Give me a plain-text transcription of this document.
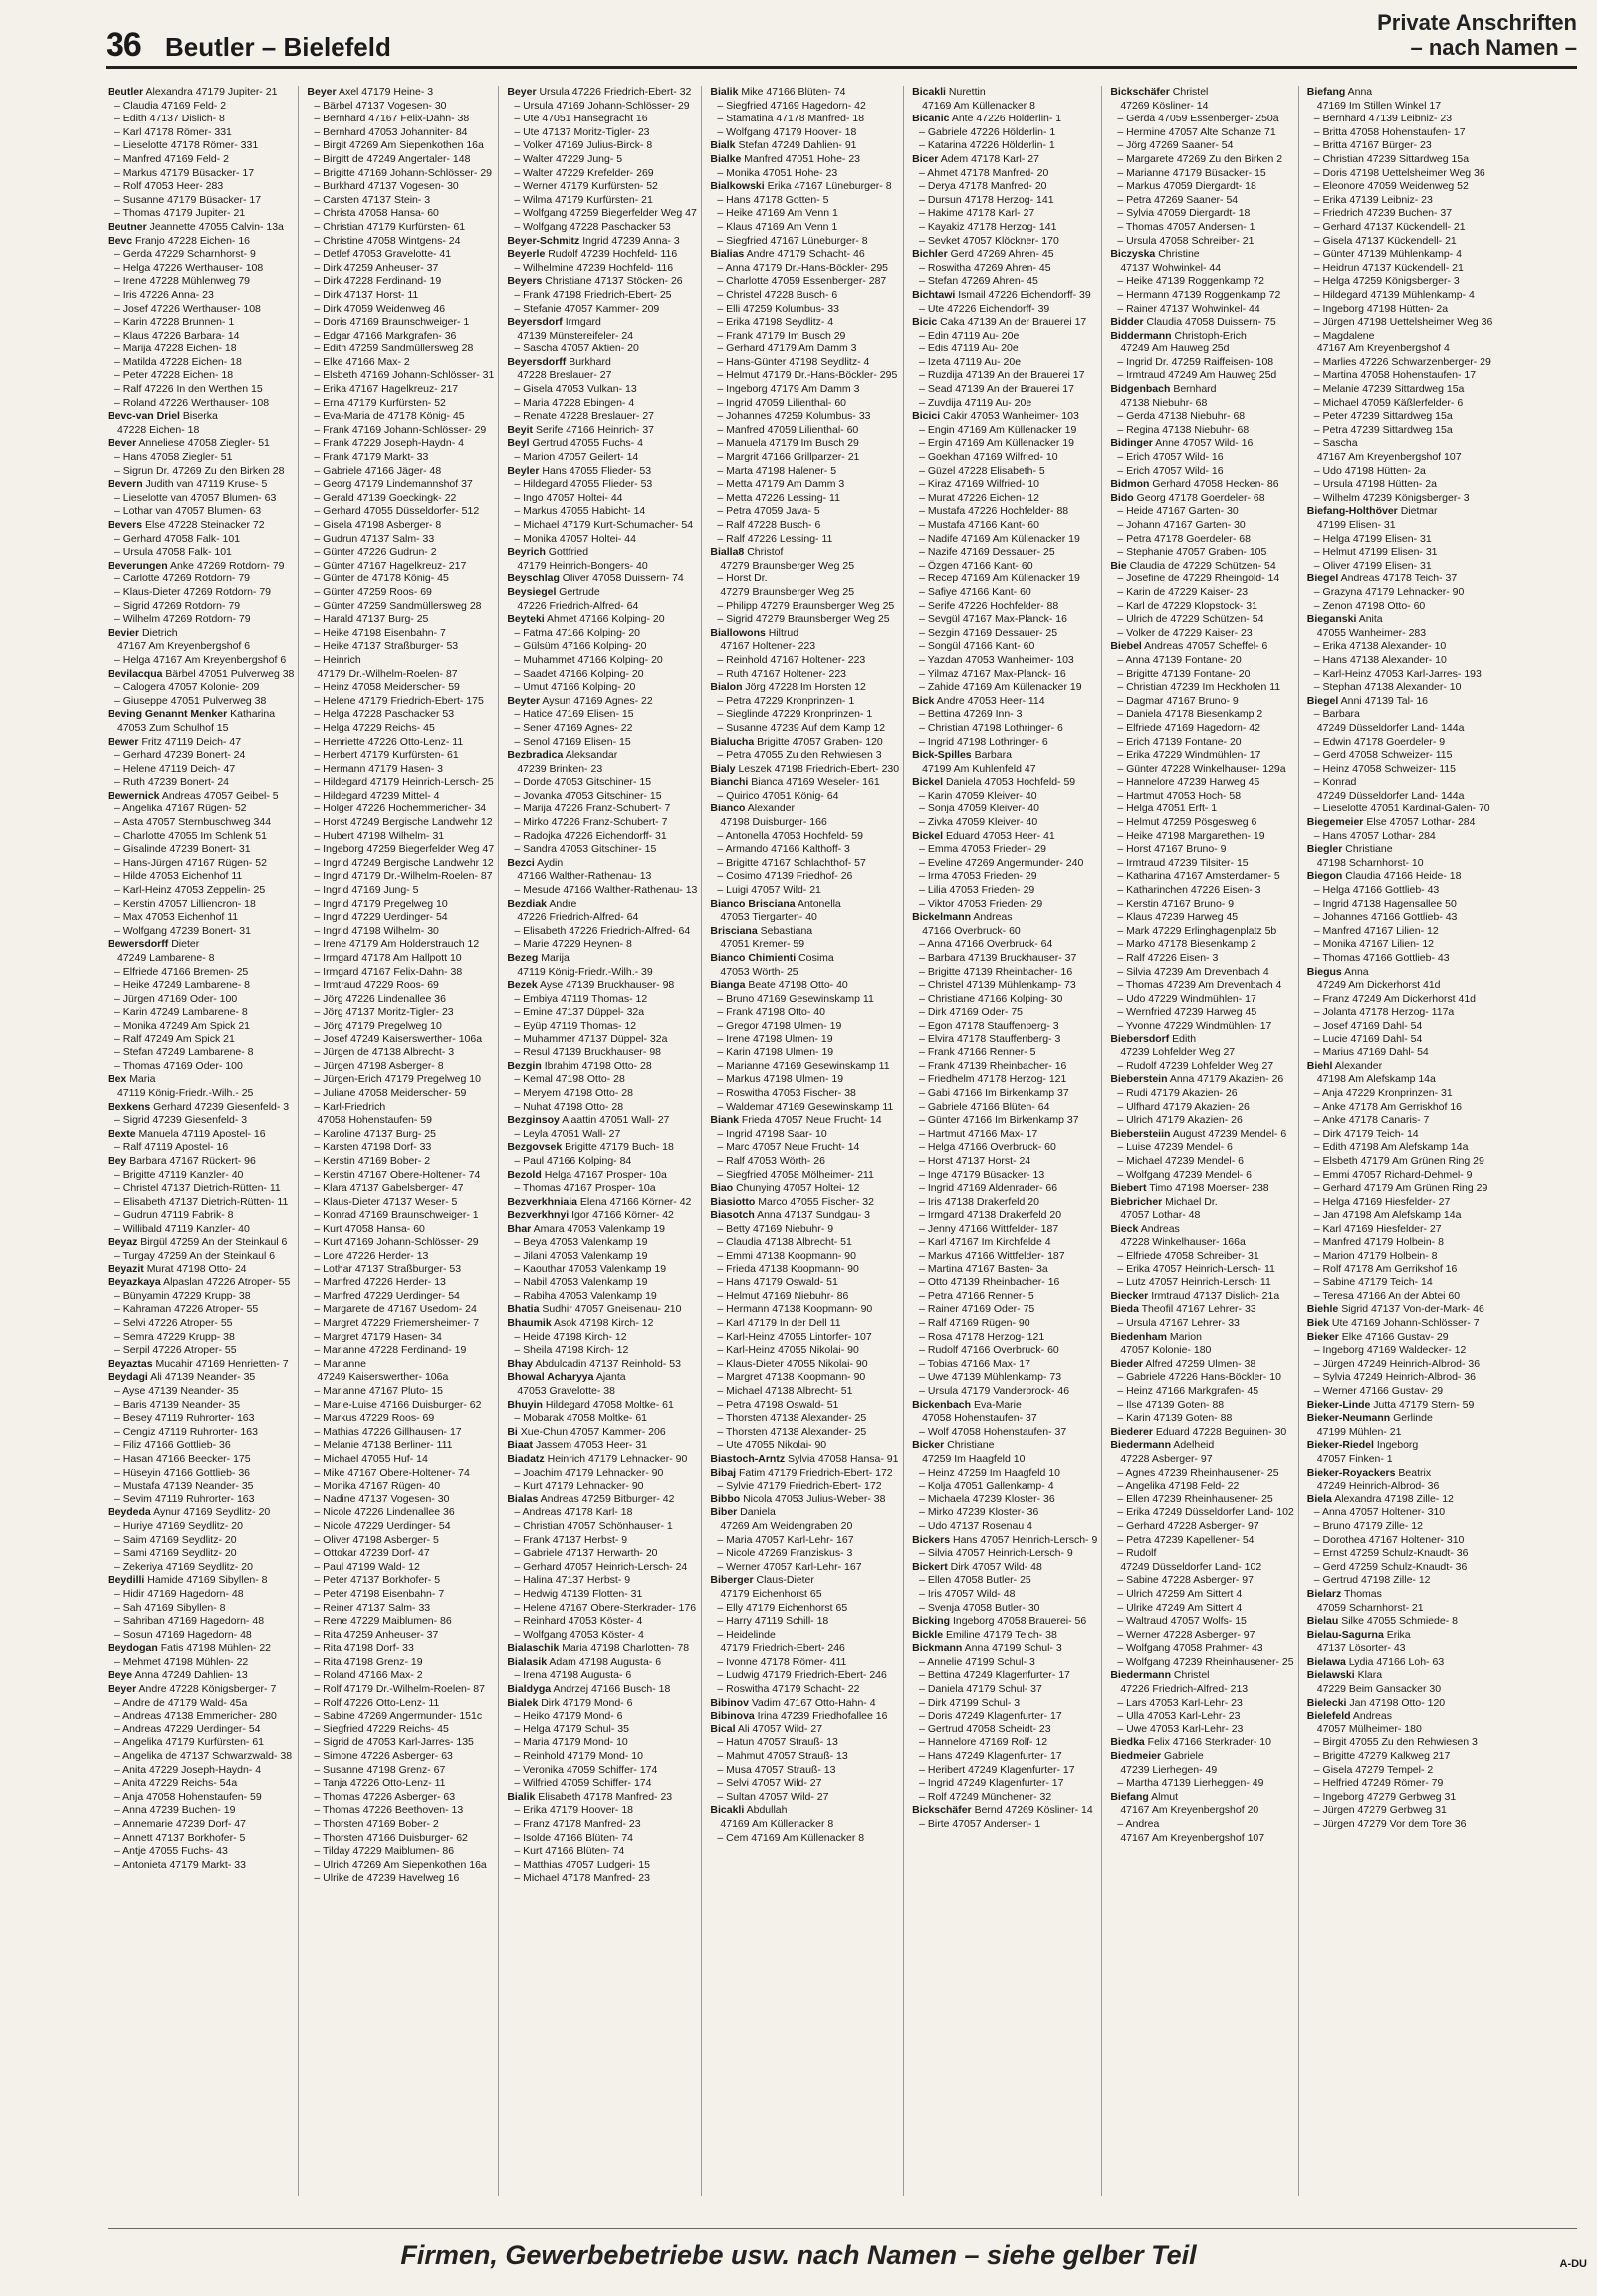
36 Beutler – Bielefeld
Private Anschriften
– nach Namen –
Beutler Alexandra 47179 Jupiter- 21
– Claudia 47169 Feld- 2
– Edith 47137 Dislich- 8
– Karl 47178 Römer- 331
– Lieselotte 47178 Römer- 331
– Manfred 47169 Feld- 2
– Markus 47179 Büsacker- 17
– Rolf 47053 Heer- 283
– Susanne 47179 Büsacker- 17
– Thomas 47179 Jupiter- 21
Beutner Jeannette 47055 Calvin- 13a
Bevc Franjo 47228 Eichen- 16
– Gerda 47229 Scharnhorst- 9
– Helga 47226 Werthauser- 108
– Irene 47228 Mühlenweg 79
– Iris 47226 Anna- 23
– Josef 47226 Werthauser- 108
– Karin 47228 Brunnen- 1
– Klaus 47226 Barbara- 14
– Marija 47228 Eichen- 18
– Matilda 47228 Eichen- 18
– Peter 47228 Eichen- 18
– Ralf 47226 In den Werthen 15
– Roland 47226 Werthauser- 108
Bevc-van Driel Biserka
47228 Eichen- 18
Bever Anneliese 47058 Ziegler- 51
– Hans 47058 Ziegler- 51
– Sigrun Dr. 47269 Zu den Birken 28
Bevern Judith van 47119 Kruse- 5
– Lieselotte van 47057 Blumen- 63
– Lothar van 47057 Blumen- 63
Bevers Else 47228 Steinacker 72
– Gerhard 47058 Falk- 101
– Ursula 47058 Falk- 101
Beverungen Anke 47269 Rotdorn- 79
– Carlotte 47269 Rotdorn- 79
– Klaus-Dieter 47269 Rotdorn- 79
– Sigrid 47269 Rotdorn- 79
– Wilhelm 47269 Rotdorn- 79
Bevier Dietrich
47167 Am Kreyenbergshof 6
– Helga 47167 Am Kreyenbergshof 6
Bevilacqua Bärbel 47051 Pulverweg 38
– Calogera 47057 Kolonie- 209
– Giuseppe 47051 Pulverweg 38
Beving Genannt Menker Katharina
47053 Zum Schulhof 15
Bewer Fritz 47119 Deich- 47
– Gerhard 47239 Bonert- 24
– Helene 47119 Deich- 47
– Ruth 47239 Bonert- 24
Bewernick Andreas 47057 Geibel- 5
– Angelika 47167 Rügen- 52
– Asta 47057 Sternbuschweg 344
– Charlotte 47055 Im Schlenk 51
– Gisalinde 47239 Bonert- 31
– Hans-Jürgen 47167 Rügen- 52
– Hilde 47053 Eichenhof 11
– Karl-Heinz 47053 Zeppelin- 25
– Kerstin 47057 Lilliencron- 18
– Max 47053 Eichenhof 11
– Wolfgang 47239 Bonert- 31
Bewersdorff Dieter
47249 Lambarene- 8
– Elfriede 47166 Bremen- 25
– Heike 47249 Lambarene- 8
– Jürgen 47169 Oder- 100
– Karin 47249 Lambarene- 8
– Monika 47249 Am Spick 21
– Ralf 47249 Am Spick 21
– Stefan 47249 Lambarene- 8
– Thomas 47169 Oder- 100
Bex Maria
47119 König-Friedr.-Wilh.- 25
Bexkens Gerhard 47239 Giesenfeld- 3
– Sigrid 47239 Giesenfeld- 3
Bexte Manuela 47119 Apostel- 16
– Ralf 47119 Apostel- 16
Bey Barbara 47167 Rückert- 96
– Brigitte 47119 Kanzler- 40
– Christel 47137 Dietrich-Rütten- 11
– Elisabeth 47137 Dietrich-Rütten- 11
– Gudrun 47119 Fabrik- 8
– Willibald 47119 Kanzler- 40
Beyaz Birgül 47259 An der Steinkaul 6
– Turgay 47259 An der Steinkaul 6
Beyazit Murat 47198 Otto- 24
Beyazkaya Alpaslan 47226 Atroper- 55
– Bünyamin 47229 Krupp- 38
– Kahraman 47226 Atroper- 55
– Selvi 47226 Atroper- 55
– Semra 47229 Krupp- 38
– Serpil 47226 Atroper- 55
Beyaztas Mucahir 47169 Henrietten- 7
Beydagi Ali 47139 Neander- 35
– Ayse 47139 Neander- 35
– Baris 47139 Neander- 35
– Besey 47119 Ruhrorter- 163
– Cengiz 47119 Ruhrorter- 163
– Filiz 47166 Gottlieb- 36
– Hasan 47166 Beecker- 175
– Hüseyin 47166 Gottlieb- 36
– Mustafa 47139 Neander- 35
– Sevim 47119 Ruhrorter- 163
Beydeda Aynur 47169 Seydlitz- 20
– Huriye 47169 Seydlitz- 20
– Saim 47169 Seydlitz- 20
– Sami 47169 Seydlitz- 20
– Zekeriya 47169 Seydlitz- 20
Beydilli Hamide 47169 Sibyllen- 8
– Hidir 47169 Hagedorn- 48
– Sah 47169 Sibyllen- 8
– Sahriban 47169 Hagedorn- 48
– Sosun 47169 Hagedorn- 48
Beydogan Fatis 47198 Mühlen- 22
– Mehmet 47198 Mühlen- 22
Beye Anna 47249 Dahlien- 13
Beyer Andre 47228 Königsberger- 7
– Andre de 47179 Wald- 45a
– Andreas 47138 Emmericher- 280
– Andreas 47229 Uerdinger- 54
– Angelika 47179 Kurfürsten- 61
– Angelika de 47137 Schwarzwald- 38
– Anita 47229 Joseph-Haydn- 4
– Anita 47229 Reichs- 54a
– Anja 47058 Hohenstaufen- 59
– Anna 47239 Buchen- 19
– Annemarie 47239 Dorf- 47
– Annett 47137 Borkhofer- 5
– Antje 47055 Fuchs- 43
– Antonieta 47179 Markt- 33
Beyer Axel 47179 Heine- 3
– Bärbel 47137 Vogesen- 30
– Bernhard 47167 Felix-Dahn- 38
– Bernhard 47053 Johanniter- 84
– Birgit 47269 Am Siepenkothen 16a
– Birgitt de 47249 Angertaler- 148
– Brigitte 47169 Johann-Schlösser- 29
– Burkhard 47137 Vogesen- 30
– Carsten 47137 Stein- 3
– Christa 47058 Hansa- 60
– Christian 47179 Kurfürsten- 61
– Christine 47058 Wintgens- 24
– Detlef 47053 Gravelotte- 41
– Dirk 47259 Anheuser- 37
– Dirk 47228 Ferdinand- 19
– Dirk 47137 Horst- 11
– Dirk 47059 Weidenweg 46
– Doris 47169 Braunschweiger- 1
– Edgar 47166 Markgrafen- 36
– Edith 47259 Sandmüllersweg 28
– Elke 47166 Max- 2
– Elsbeth 47169 Johann-Schlösser- 31
– Erika 47167 Hagelkreuz- 217
– Erna 47179 Kurfürsten- 52
– Eva-Maria de 47178 König- 45
– Frank 47169 Johann-Schlösser- 29
– Frank 47229 Joseph-Haydn- 4
– Frank 47179 Markt- 33
– Gabriele 47166 Jäger- 48
– Georg 47179 Lindemannshof 37
– Gerald 47139 Goeckingk- 22
– Gerhard 47055 Düsseldorfer- 512
– Gisela 47198 Asberger- 8
– Gudrun 47137 Salm- 33
– Günter 47226 Gudrun- 2
– Günter 47167 Hagelkreuz- 217
– Günter de 47178 König- 45
– Günter 47259 Roos- 69
– Günter 47259 Sandmüllersweg 28
– Harald 47137 Burg- 25
– Heike 47198 Eisenbahn- 7
– Heike 47137 Straßburger- 53
– Heinrich
47179 Dr.-Wilhelm-Roelen- 87
– Heinz 47058 Meiderscher- 59
– Helene 47179 Friedrich-Ebert- 175
– Helga 47228 Paschacker 53
– Helga 47229 Reichs- 45
– Henriette 47226 Otto-Lenz- 11
– Herbert 47179 Kurfürsten- 61
– Hermann 47179 Hasen- 3
– Hildegard 47179 Heinrich-Lersch- 25
– Hildegard 47239 Mittel- 4
– Holger 47226 Hochemmericher- 34
– Horst 47249 Bergische Landwehr 12
– Hubert 47198 Wilhelm- 31
– Ingeborg 47259 Biegerfelder Weg 47
– Ingrid 47249 Bergische Landwehr 12
– Ingrid 47179 Dr.-Wilhelm-Roelen- 87
– Ingrid 47169 Jung- 5
– Ingrid 47179 Pregelweg 10
– Ingrid 47229 Uerdinger- 54
– Ingrid 47198 Wilhelm- 30
– Irene 47179 Am Holderstrauch 12
– Irmgard 47178 Am Hallpott 10
– Irmgard 47167 Felix-Dahn- 38
– Irmtraud 47229 Roos- 69
– Jörg 47226 Lindenallee 36
– Jörg 47137 Moritz-Tigler- 23
– Jörg 47179 Pregelweg 10
– Josef 47249 Kaiserswerther- 106a
– Jürgen de 47138 Albrecht- 3
– Jürgen 47198 Asberger- 8
– Jürgen-Erich 47179 Pregelweg 10
– Juliane 47058 Meiderscher- 59
– Karl-Friedrich
47058 Hohenstaufen- 59
– Karoline 47137 Burg- 25
– Karsten 47198 Dorf- 33
– Kerstin 47169 Bober- 2
– Kerstin 47167 Obere-Holtener- 74
– Klara 47137 Gabelsberger- 47
– Klaus-Dieter 47137 Weser- 5
– Konrad 47169 Braunschweiger- 1
– Kurt 47058 Hansa- 60
– Kurt 47169 Johann-Schlösser- 29
– Lore 47226 Herder- 13
– Lothar 47137 Straßburger- 53
– Manfred 47226 Herder- 13
– Manfred 47229 Uerdinger- 54
– Margarete de 47167 Usedom- 24
– Margret 47229 Friemersheimer- 7
– Margret 47179 Hasen- 34
– Marianne 47228 Ferdinand- 19
– Marianne
47249 Kaiserswerther- 106a
– Marianne 47167 Pluto- 15
– Marie-Luise 47166 Duisburger- 62
– Markus 47229 Roos- 69
– Mathias 47226 Gillhausen- 17
– Melanie 47138 Berliner- 111
– Michael 47055 Huf- 14
– Mike 47167 Obere-Holtener- 74
– Monika 47167 Rügen- 40
– Nadine 47137 Vogesen- 30
– Nicole 47226 Lindenallee 36
– Nicole 47229 Uerdinger- 54
– Oliver 47198 Asberger- 5
– Ottokar 47239 Dorf- 47
– Paul 47199 Wald- 12
– Peter 47137 Borkhofer- 5
– Peter 47198 Eisenbahn- 7
– Reiner 47137 Salm- 33
– Rene 47229 Maiblumen- 86
– Rita 47259 Anheuser- 37
– Rita 47198 Dorf- 33
– Rita 47198 Grenz- 19
– Roland 47166 Max- 2
– Rolf 47179 Dr.-Wilhelm-Roelen- 87
– Rolf 47226 Otto-Lenz- 11
– Sabine 47269 Angermunder- 151c
– Siegfried 47229 Reichs- 45
– Sigrid de 47053 Karl-Jarres- 135
– Simone 47226 Asberger- 63
– Susanne 47198 Grenz- 67
– Tanja 47226 Otto-Lenz- 11
– Thomas 47226 Asberger- 63
– Thomas 47226 Beethoven- 13
– Thorsten 47169 Bober- 2
– Thorsten 47166 Duisburger- 62
– Tilday 47229 Maiblumen- 86
– Ulrich 47269 Am Siepenkothen 16a
– Ulrike de 47239 Havelweg 16
Beyer Ursula 47226 Friedrich-Ebert- 32
– Ursula 47169 Johann-Schlösser- 29
– Ute 47051 Hansegracht 16
– Ute 47137 Moritz-Tigler- 23
– Volker 47169 Julius-Birck- 8
– Walter 47229 Jung- 5
– Walter 47229 Krefelder- 269
– Werner 47179 Kurfürsten- 52
– Wilma 47179 Kurfürsten- 21
– Wolfgang 47259 Biegerfelder Weg 47
– Wolfgang 47228 Paschacker 53
Beyer-Schmitz Ingrid 47239 Anna- 3
Beyerle Rudolf 47239 Hochfeld- 116
– Wilhelmine 47239 Hochfeld- 116
Beyers Christiane 47137 Stöcken- 26
– Frank 47198 Friedrich-Ebert- 25
– Stefanie 47057 Kammer- 209
Beyersdorf Irmgard
47139 Münstereifeler- 24
– Sascha 47057 Aktien- 20
Beyersdorff Burkhard
47228 Breslauer- 27
– Gisela 47053 Vulkan- 13
– Maria 47228 Ebingen- 4
– Renate 47228 Breslauer- 27
Beyit Serife 47166 Heinrich- 37
Beyl Gertrud 47055 Fuchs- 4
– Marion 47057 Geilert- 14
Beyler Hans 47055 Flieder- 53
– Hildegard 47055 Flieder- 53
– Ingo 47057 Holtei- 44
– Markus 47055 Habicht- 14
– Michael 47179 Kurt-Schumacher- 54
– Monika 47057 Holtei- 44
Beyrich Gottfried
47179 Heinrich-Bongers- 40
Beyschlag Oliver 47058 Duissern- 74
Beysiegel Gertrude
47226 Friedrich-Alfred- 64
Beyteki Ahmet 47166 Kolping- 20
– Fatma 47166 Kolping- 20
– Gülsüm 47166 Kolping- 20
– Muhammet 47166 Kolping- 20
– Saadet 47166 Kolping- 20
– Umut 47166 Kolping- 20
Beyter Aysun 47169 Agnes- 22
– Hatice 47169 Elisen- 15
– Sener 47169 Agnes- 22
– Senol 47169 Elisen- 15
Bezbradica Aleksandar
47239 Brinken- 23
– Dorde 47053 Gitschiner- 15
– Jovanka 47053 Gitschiner- 15
– Marija 47226 Franz-Schubert- 7
– Mirko 47226 Franz-Schubert- 7
– Radojka 47226 Eichendorff- 31
– Sandra 47053 Gitschiner- 15
Bezci Aydin
47166 Walther-Rathenau- 13
– Mesude 47166 Walther-Rathenau- 13
Bezdiak Andre
47226 Friedrich-Alfred- 64
– Elisabeth 47226 Friedrich-Alfred- 64
– Marie 47229 Heynen- 8
Bezeg Marija
47119 König-Friedr.-Wilh.- 39
Bezek Ayse 47139 Bruckhauser- 98
– Embiya 47119 Thomas- 12
– Emine 47137 Düppel- 32a
– Eyüp 47119 Thomas- 12
– Muhammer 47137 Düppel- 32a
– Resul 47139 Bruckhauser- 98
Bezgin Ibrahim 47198 Otto- 28
– Kemal 47198 Otto- 28
– Meryem 47198 Otto- 28
– Nuhat 47198 Otto- 28
Bezginsoy Alaattin 47051 Wall- 27
– Leyla 47051 Wall- 27
Bezgovsek Brigitte 47179 Buch- 18
– Paul 47166 Kolping- 84
Bezold Helga 47167 Prosper- 10a
– Thomas 47167 Prosper- 10a
Bezverkhniaia Elena 47166 Körner- 42
Bezverkhnyi Igor 47166 Körner- 42
Bhar Amara 47053 Valenkamp 19
– Beya 47053 Valenkamp 19
– Jilani 47053 Valenkamp 19
– Kaouthar 47053 Valenkamp 19
– Nabil 47053 Valenkamp 19
– Rabiha 47053 Valenkamp 19
Bhatia Sudhir 47057 Gneisenau- 210
Bhaumik Asok 47198 Kirch- 12
– Heide 47198 Kirch- 12
– Sheila 47198 Kirch- 12
Bhay Abdulcadin 47137 Reinhold- 53
Bhowal Acharyya Ajanta
47053 Gravelotte- 38
Bhuyin Hildegard 47058 Moltke- 61
– Mobarak 47058 Moltke- 61
Bi Xue-Chun 47057 Kammer- 206
Biaat Jassem 47053 Heer- 31
Biadatz Heinrich 47179 Lehnacker- 90
– Joachim 47179 Lehnacker- 90
– Kurt 47179 Lehnacker- 90
Bialas Andreas 47259 Bitburger- 42
– Andreas 47178 Karl- 18
– Christian 47057 Schönhauser- 1
– Frank 47137 Herbst- 9
– Gabriele 47137 Herwarth- 20
– Gerhard 47057 Heinrich-Lersch- 24
– Halina 47137 Herbst- 9
– Hedwig 47139 Flotten- 31
– Helene 47167 Obere-Sterkrader- 176
– Reinhard 47053 Köster- 4
– Wolfgang 47053 Köster- 4
Bialaschik Maria 47198 Charlotten- 78
Bialasik Adam 47198 Augusta- 6
– Irena 47198 Augusta- 6
Bialdyga Andrzej 47166 Busch- 18
Bialek Dirk 47179 Mond- 6
– Heiko 47179 Mond- 6
– Helga 47179 Schul- 35
– Maria 47179 Mond- 10
– Reinhold 47179 Mond- 10
– Veronika 47059 Schiffer- 174
– Wilfried 47059 Schiffer- 174
Bialik Elisabeth 47178 Manfred- 23
– Erika 47179 Hoover- 18
– Franz 47178 Manfred- 23
– Isolde 47166 Blüten- 74
– Kurt 47166 Blüten- 74
– Matthias 47057 Ludgeri- 15
– Michael 47178 Manfred- 23
Bialik Mike 47166 Blüten- 74
– Siegfried 47169 Hagedorn- 42
– Stamatina 47178 Manfred- 18
– Wolfgang 47179 Hoover- 18
Bialk Stefan 47249 Dahlien- 91
Bialke Manfred 47051 Hohe- 23
– Monika 47051 Hohe- 23
Bialkowski Erika 47167 Lüneburger- 8
– Hans 47178 Gotten- 5
– Heike 47169 Am Venn 1
– Klaus 47169 Am Venn 1
– Siegfried 47167 Lüneburger- 8
Bialias Andre 47179 Schacht- 46
– Anna 47179 Dr.-Hans-Böckler- 295
– Charlotte 47059 Essenberger- 287
– Christel 47228 Busch- 6
– Elli 47259 Kolumbus- 33
– Erika 47198 Seydlitz- 4
– Frank 47179 Im Busch 29
– Gerhard 47179 Am Damm 3
– Hans-Günter 47198 Seydlitz- 4
– Helmut 47179 Dr.-Hans-Böckler- 295
– Ingeborg 47179 Am Damm 3
– Ingrid 47059 Lilienthal- 60
– Johannes 47259 Kolumbus- 33
– Manfred 47059 Lilienthal- 60
– Manuela 47179 Im Busch 29
– Margrit 47166 Grillparzer- 21
– Marta 47198 Halener- 5
– Metta 47179 Am Damm 3
– Mettа 47226 Lessing- 11
– Petra 47059 Java- 5
– Ralf 47228 Busch- 6
– Ralf 47226 Lessing- 11
Bialla8 Christof
47279 Braunsberger Weg 25
– Horst Dr.
47279 Braunsberger Weg 25
– Philipp 47279 Braunsberger Weg 25
– Sigrid 47279 Braunsberger Weg 25
Biallowons Hiltrud
47167 Holtener- 223
– Reinhold 47167 Holtener- 223
– Ruth 47167 Holtener- 223
Bialon Jörg 47228 Im Horsten 12
– Petra 47229 Kronprinzen- 1
– Sieglinde 47229 Kronprinzen- 1
– Susanne 47239 Auf dem Kamp 12
Bialucha Brigitte 47057 Graben- 120
– Petra 47055 Zu den Rehwiesen 3
Bialy Leszek 47198 Friedrich-Ebert- 230
Bianchi Bianca 47169 Weseler- 161
– Quirico 47051 König- 64
Bianco Alexander
47198 Duisburger- 166
– Antonella 47053 Hochfeld- 59
– Armando 47166 Kalthoff- 3
– Brigitte 47167 Schlachthof- 57
– Cosimo 47139 Friedhof- 26
– Luigi 47057 Wild- 21
Bianco Brisciana Antonella
47053 Tiergarten- 40
Brisciana Sebastiana
47051 Kremer- 59
Bianco Chimienti Cosima
47053 Wörth- 25
Bianga Beate 47198 Otto- 40
– Bruno 47169 Gesewinskamp 11
– Frank 47198 Otto- 40
– Gregor 47198 Ulmen- 19
– Irene 47198 Ulmen- 19
– Karin 47198 Ulmen- 19
– Marianne 47169 Gesewinskamp 11
– Markus 47198 Ulmen- 19
– Roswitha 47053 Fischer- 38
– Waldemar 47169 Gesewinskamp 11
Biank Frieda 47057 Neue Frucht- 14
– Ingrid 47198 Saar- 10
– Marc 47057 Neue Frucht- 14
– Ralf 47053 Wörth- 26
– Siegfried 47058 Mölheimer- 211
Biao Chunying 47057 Holtei- 12
Biasiotto Marco 47055 Fischer- 32
Biasotch Anna 47137 Sundgau- 3
– Betty 47169 Niebuhr- 9
– Claudia 47138 Albrecht- 51
– Emmi 47138 Koopmann- 90
– Frieda 47138 Koopmann- 90
– Hans 47179 Oswald- 51
– Helmut 47169 Niebuhr- 86
– Hermann 47138 Koopmann- 90
– Karl 47179 In der Dell 11
– Karl-Heinz 47055 Lintorfer- 107
– Karl-Heinz 47055 Nikolai- 90
– Klaus-Dieter 47055 Nikolai- 90
– Margret 47138 Koopmann- 90
– Michael 47138 Albrecht- 51
– Petra 47198 Oswald- 51
– Thorsten 47138 Alexander- 25
– Thorsten 47138 Alexander- 25
– Ute 47055 Nikolai- 90
Biastoch-Arntz Sylvia 47058 Hansa- 91
Bibaj Fatim 47179 Friedrich-Ebert- 172
– Sylvie 47179 Friedrich-Ebert- 172
Bibbo Nicola 47053 Julius-Weber- 38
Biber Daniela
47269 Am Weidengraben 20
– Maria 47057 Karl-Lehr- 167
– Nicole 47269 Franziskus- 3
– Werner 47057 Karl-Lehr- 167
Biberger Claus-Dieter
47179 Eichenhorst 65
– Elly 47179 Eichenhorst 65
– Harry 47119 Schill- 18
– Heidelinde
47179 Friedrich-Ebert- 246
– Ivonne 47178 Römer- 411
– Ludwig 47179 Friedrich-Ebert- 246
– Roswitha 47179 Schacht- 22
Bibinov Vadim 47167 Otto-Hahn- 4
Bibinova Irina 47239 Friedhofallee 16
Bical Ali 47057 Wild- 27
– Hatun 47057 Strauß- 13
– Mahmut 47057 Strauß- 13
– Musa 47057 Strauß- 13
– Selvi 47057 Wild- 27
– Sultan 47057 Wild- 27
Bicakli Abdullah
47169 Am Küllenacker 8
– Cem 47169 Am Küllenacker 8
Bicakli Nurettin
47169 Am Küllenacker 8
Bicanic Ante 47226 Hölderlin- 1
– Gabriele 47226 Hölderlin- 1
– Katarina 47226 Hölderlin- 1
Bicer Adem 47178 Karl- 27
– Ahmet 47178 Manfred- 20
– Derya 47178 Manfred- 20
– Dursun 47178 Herzog- 141
– Hakime 47178 Karl- 27
– Kayakiz 47178 Herzog- 141
– Sevket 47057 Klöckner- 170
Bichler Gerd 47269 Ahren- 45
– Roswitha 47269 Ahren- 45
– Stefan 47269 Ahren- 45
Bichtawi Ismail 47226 Eichendorff- 39
– Ute 47226 Eichendorff- 39
Bicic Caka 47139 An der Brauerei 17
– Edin 47119 Au- 20e
– Edis 47119 Au- 20e
– Izeta 47119 Au- 20e
– Ruzdija 47139 An der Brauerei 17
– Sead 47139 An der Brauerei 17
– Zuvdija 47119 Au- 20e
Bicici Cakir 47053 Wanheimer- 103
– Engin 47169 Am Küllenacker 19
– Ergin 47169 Am Küllenacker 19
– Goekhan 47169 Wilfried- 10
– Güzel 47228 Elisabeth- 5
– Kiraz 47169 Wilfried- 10
– Murat 47226 Eichen- 12
– Mustafa 47226 Hochfelder- 88
– Mustafa 47166 Kant- 60
– Nadife 47169 Am Küllenacker 19
– Nazife 47169 Dessauer- 25
– Özgen 47166 Kant- 60
– Recep 47169 Am Küllenacker 19
– Safiye 47166 Kant- 60
– Serife 47226 Hochfelder- 88
– Sevgül 47167 Max-Planck- 16
– Sezgin 47169 Dessauer- 25
– Songül 47166 Kant- 60
– Yazdan 47053 Wanheimer- 103
– Yilmaz 47167 Max-Planck- 16
– Zahide 47169 Am Küllenacker 19
Bick Andre 47053 Heer- 114
– Bettina 47269 Inn- 3
– Christian 47198 Lothringer- 6
– Ingrid 47198 Lothringer- 6
Bick-Spilles Barbara
47199 Am Kuhlenfeld 47
Bickel Daniela 47053 Hochfeld- 59
– Karin 47059 Kleiver- 40
– Sonja 47059 Kleiver- 40
– Zivka 47059 Kleiver- 40
Bickel Eduard 47053 Heer- 41
– Emma 47053 Frieden- 29
– Eveline 47269 Angermunder- 240
– Irma 47053 Frieden- 29
– Lilia 47053 Frieden- 29
– Viktor 47053 Frieden- 29
Bickelmann Andreas
47166 Overbruck- 60
– Anna 47166 Overbruck- 64
– Barbara 47139 Bruckhauser- 37
– Brigitte 47139 Rheinbacher- 16
– Christel 47139 Mühlenkamp- 73
– Christiane 47166 Kolping- 30
– Dirk 47169 Oder- 75
– Egon 47178 Stauffenberg- 3
– Elvira 47178 Stauffenberg- 3
– Frank 47166 Renner- 5
– Frank 47139 Rheinbacher- 16
– Friedhelm 47178 Herzog- 121
– Gabi 47166 Im Birkenkamp 37
– Gabriele 47166 Blüten- 64
– Günter 47166 Im Birkenkamp 37
– Hartmut 47166 Max- 17
– Helga 47166 Overbruck- 60
– Horst 47137 Horst- 24
– Inge 47179 Büsacker- 13
– Ingrid 47169 Aldenrader- 66
– Iris 47138 Drakerfeld 20
– Irmgard 47138 Drakerfeld 20
– Jenny 47166 Wittfelder- 187
– Karl 47167 Im Kirchfelde 4
– Markus 47166 Wittfelder- 187
– Martina 47167 Basten- 3a
– Otto 47139 Rheinbacher- 16
– Petra 47166 Renner- 5
– Rainer 47169 Oder- 75
– Ralf 47169 Rügen- 90
– Rosa 47178 Herzog- 121
– Rudolf 47166 Overbruck- 60
– Tobias 47166 Max- 17
– Uwe 47139 Mühlenkamp- 73
– Ursula 47179 Vanderbrock- 46
Bickenbach Eva-Marie
47058 Hohenstaufen- 37
– Wolf 47058 Hohenstaufen- 37
Bicker Christiane
47259 Im Haagfeld 10
– Heinz 47259 Im Haagfeld 10
– Kolja 47051 Gallenkamp- 4
– Michaela 47239 Kloster- 36
– Mirko 47239 Kloster- 36
– Udo 47137 Rosenau 4
Bickers Hans 47057 Heinrich-Lersch- 9
– Silvia 47057 Heinrich-Lersch- 9
Bickert Dirk 47057 Wild- 48
– Ellen 47058 Butler- 25
– Iris 47057 Wild- 48
– Svenja 47058 Butler- 30
Bicking Ingeborg 47058 Brauerei- 56
Bickle Emiline 47179 Teich- 38
Bickmann Anna 47199 Schul- 3
– Annelie 47199 Schul- 3
– Bettina 47249 Klagenfurter- 17
– Daniela 47179 Schul- 37
– Dirk 47199 Schul- 3
– Doris 47249 Klagenfurter- 17
– Gertrud 47058 Scheidt- 23
– Hannelore 47169 Rolf- 12
– Hans 47249 Klagenfurter- 17
– Heribert 47249 Klagenfurter- 17
– Ingrid 47249 Klagenfurter- 17
– Rolf 47249 Münchener- 32
Bickschäfer Bernd 47269 Kösliner- 14
– Birte 47057 Andersen- 1
Bickschäfer Christel
47269 Kösliner- 14
– Gerda 47059 Essenberger- 250a
– Hermine 47057 Alte Schanze 71
– Jörg 47269 Saaner- 54
– Margarete 47269 Zu den Birken 2
– Marianne 47179 Büsacker- 15
– Markus 47059 Diergardt- 18
– Petra 47269 Saaner- 54
– Sylvia 47059 Diergardt- 18
– Thomas 47057 Andersen- 1
– Ursula 47058 Schreiber- 21
Biczyska Christine
47137 Wohwinkel- 44
– Heike 47139 Roggenkamp 72
– Hermann 47139 Roggenkamp 72
– Rainer 47137 Wohwinkel- 44
Bidder Claudia 47058 Duissern- 75
Biddermann Christoph-Erich
47249 Am Hauweg 25d
– Ingrid Dr. 47259 Raiffeisen- 108
– Irmtraud 47249 Am Hauweg 25d
Bidgenbach Bernhard
47138 Niebuhr- 68
– Gerda 47138 Niebuhr- 68
– Regina 47138 Niebuhr- 68
Bidinger Anne 47057 Wild- 16
– Erich 47057 Wild- 16
– Erich 47057 Wild- 16
Bidmon Gerhard 47058 Hecken- 86
Bido Georg 47178 Goerdeler- 68
– Heide 47167 Garten- 30
– Johann 47167 Garten- 30
– Petra 47178 Goerdeler- 68
– Stephanie 47057 Graben- 105
Bie Claudia de 47229 Schützen- 54
– Josefine de 47229 Rheingold- 14
– Karin de 47229 Kaiser- 23
– Karl de 47229 Klopstock- 31
– Ulrich de 47229 Schützen- 54
– Volker de 47229 Kaiser- 23
Biebel Andreas 47057 Scheffel- 6
– Anna 47139 Fontane- 20
– Brigitte 47139 Fontane- 20
– Christian 47239 Im Heckhofen 11
– Dagmar 47167 Bruno- 9
– Daniela 47178 Biesenkamp 2
– Elfriede 47169 Hagedorn- 42
– Erich 47139 Fontane- 20
– Erika 47229 Windmühlen- 17
– Günter 47228 Winkelhauser- 129a
– Hannelore 47239 Harweg 45
– Hartmut 47053 Hoch- 58
– Helga 47051 Erft- 1
– Helmut 47259 Pösgesweg 6
– Heike 47198 Margarethen- 19
– Horst 47167 Bruno- 9
– Irmtraud 47239 Tilsiter- 15
– Katharina 47167 Amsterdamer- 5
– Katharinchen 47226 Eisen- 3
– Kerstin 47167 Bruno- 9
– Klaus 47239 Harweg 45
– Mark 47229 Erlinghagenplatz 5b
– Marko 47178 Biesenkamp 2
– Ralf 47226 Eisen- 3
– Silvia 47239 Am Drevenbach 4
– Thomas 47239 Am Drevenbach 4
– Udo 47229 Windmühlen- 17
– Wernfried 47239 Harweg 45
– Yvonne 47229 Windmühlen- 17
Biebersdorf Edith
47239 Lohfelder Weg 27
– Rudolf 47239 Lohfelder Weg 27
Bieberstein Anna 47179 Akazien- 26
– Rudi 47179 Akazien- 26
– Ulfhard 47179 Akazien- 26
– Ulrich 47179 Akazien- 26
Biebersteiin August 47239 Mendel- 6
– Luise 47239 Mendel- 6
– Michael 47239 Mendel- 6
– Wolfgang 47239 Mendel- 6
Biebert Timo 47198 Moerser- 238
Biebricher Michael Dr.
47057 Lothar- 48
Bieck Andreas
47228 Winkelhauser- 166a
– Elfriede 47058 Schreiber- 31
– Erika 47057 Heinrich-Lersch- 11
– Lutz 47057 Heinrich-Lersch- 11
Biecker Irmtraud 47137 Dislich- 21a
Bieda Theofil 47167 Lehrer- 33
– Ursula 47167 Lehrer- 33
Biedenham Marion
47057 Kolonie- 180
Bieder Alfred 47259 Ulmen- 38
– Gabriele 47226 Hans-Böckler- 10
– Heinz 47166 Markgrafen- 45
– Ilse 47139 Goten- 88
– Karin 47139 Goten- 88
Biederer Eduard 47228 Beguinen- 30
Biedermann Adelheid
47228 Asberger- 97
– Agnes 47239 Rheinhausener- 25
– Angelika 47198 Feld- 22
– Ellen 47239 Rheinhausener- 25
– Erika 47249 Düsseldorfer Land- 102
– Gerhard 47228 Asberger- 97
– Petra 47239 Kapellener- 54
– Rudolf
47249 Düsseldorfer Land- 102
– Sabine 47228 Asberger- 97
– Ulrich 47259 Am Sittert 4
– Ulrike 47249 Am Sittert 4
– Waltraud 47057 Wolfs- 15
– Werner 47228 Asberger- 97
– Wolfgang 47058 Prahmer- 43
– Wolfgang 47239 Rheinhausener- 25
Biedermann Christel
47226 Friedrich-Alfred- 213
– Lars 47053 Karl-Lehr- 23
– Ulla 47053 Karl-Lehr- 23
– Uwe 47053 Karl-Lehr- 23
Biedka Felix 47166 Sterkrader- 10
Biedmeier Gabriele
47239 Lierhegen- 49
– Martha 47139 Lierheggen- 49
Biefang Almut
47167 Am Kreyenbergshof 20
– Andrea
47167 Am Kreyenbergshof 107
Biefang Anna
47169 Im Stillen Winkel 17
– Bernhard 47139 Leibniz- 23
– Britta 47058 Hohenstaufen- 17
– Britta 47167 Bürger- 23
– Christian 47239 Sittardweg 15a
– Doris 47198 Uettelsheimer Weg 36
– Eleonore 47059 Weidenweg 52
– Erika 47139 Leibniz- 23
– Friedrich 47239 Buchen- 37
– Gerhard 47137 Kückendell- 21
– Gisela 47137 Kückendell- 21
– Günter 47139 Mühlenkamp- 4
– Heidrun 47137 Kückendell- 21
– Helga 47259 Königsberger- 3
– Hildegard 47139 Mühlenkamp- 4
– Ingeborg 47198 Hütten- 2a
– Jürgen 47198 Uettelsheimer Weg 36
– Magdalene
47167 Am Kreyenbergshof 4
– Marlies 47226 Schwarzenberger- 29
– Martina 47058 Hohenstaufen- 17
– Melanie 47239 Sittardweg 15a
– Michael 47059 Käßlerfelder- 6
– Peter 47239 Sittardweg 15a
– Petra 47239 Sittardweg 15a
– Sascha
47167 Am Kreyenbergshof 107
– Udo 47198 Hütten- 2a
– Ursula 47198 Hütten- 2a
– Wilhelm 47239 Königsberger- 3
Biefang-Holthöver Dietmar
47199 Elisen- 31
– Helga 47199 Elisen- 31
– Helmut 47199 Elisen- 31
– Oliver 47199 Elisen- 31
Biegel Andreas 47178 Teich- 37
– Grazyna 47179 Lehnacker- 90
– Zenon 47198 Otto- 60
Bieganski Anita
47055 Wanheimer- 283
– Erika 47138 Alexander- 10
– Hans 47138 Alexander- 10
– Karl-Heinz 47053 Karl-Jarres- 193
– Stephan 47138 Alexander- 10
Biegel Anni 47139 Tal- 16
– Barbara
47249 Düsseldorfer Land- 144a
– Edwin 47178 Goerdeler- 9
– Gerd 47058 Schweizer- 115
– Heinz 47058 Schweizer- 115
– Konrad
47249 Düsseldorfer Land- 144a
– Lieselotte 47051 Kardinal-Galen- 70
Biegemeier Else 47057 Lothar- 284
– Hans 47057 Lothar- 284
Biegler Christiane
47198 Scharnhorst- 10
Biegon Claudia 47166 Heide- 18
– Helga 47166 Gottlieb- 43
– Ingrid 47138 Hagensallee 50
– Johannes 47166 Gottlieb- 43
– Manfred 47167 Lilien- 12
– Monika 47167 Lilien- 12
– Thomas 47166 Gottlieb- 43
Biegus Anna
47249 Am Dickerhorst 41d
– Franz 47249 Am Dickerhorst 41d
– Jolanta 47178 Herzog- 117a
– Josef 47169 Dahl- 54
– Lucie 47169 Dahl- 54
– Marius 47169 Dahl- 54
Biehl Alexander
47198 Am Alefskamp 14a
– Anja 47229 Kronprinzen- 31
– Anke 47178 Am Gerriskhof 16
– Anke 47178 Canaris- 7
– Dirk 47179 Teich- 14
– Edith 47198 Am Alefskamp 14a
– Elsbeth 47179 Am Grünen Ring 29
– Emmi 47057 Richard-Dehmel- 9
– Gerhard 47179 Am Grünen Ring 29
– Helga 47169 Hiesfelder- 27
– Jan 47198 Am Alefskamp 14a
– Karl 47169 Hiesfelder- 27
– Manfred 47179 Holbein- 8
– Marion 47179 Holbein- 8
– Rolf 47178 Am Gerrikshof 16
– Sabine 47179 Teich- 14
– Teresa 47166 An der Abtei 60
Biehle Sigrid 47137 Von-der-Mark- 46
Biek Ute 47169 Johann-Schlösser- 7
Bieker Elke 47166 Gustav- 29
– Ingeborg 47169 Waldecker- 12
– Jürgen 47249 Heinrich-Albrod- 36
– Sylvia 47249 Heinrich-Albrod- 36
– Werner 47166 Gustav- 29
Bieker-Linde Jutta 47179 Stern- 59
Bieker-Neumann Gerlinde
47199 Mühlen- 21
Bieker-Riedel Ingeborg
47057 Finken- 1
Bieker-Royackers Beatrix
47249 Heinrich-Albrod- 36
Biela Alexandra 47198 Zille- 12
– Anna 47057 Holtener- 310
– Bruno 47179 Zille- 12
– Dorothea 47167 Holtener- 310
– Ernst 47259 Schulz-Knaudt- 36
– Gerd 47259 Schulz-Knaudt- 36
– Gertrud 47198 Zille- 12
Bielarz Thomas
47059 Scharnhorst- 21
Bielau Silke 47055 Schmiede- 8
Bielau-Sagurna Erika
47137 Lösorter- 43
Bielawa Lydia 47166 Loh- 63
Bielawski Klara
47229 Beim Gansacker 30
Bielecki Jan 47198 Otto- 120
Bielefeld Andreas
47057 Mülheimer- 180
– Birgit 47055 Zu den Rehwiesen 3
– Brigitte 47279 Kalkweg 217
– Gisela 47279 Tempel- 2
– Helfried 47249 Römer- 79
– Ingeborg 47279 Gerbweg 31
– Jürgen 47279 Gerbweg 31
– Jürgen 47279 Vor dem Tore 36
Firmen, Gewerbebetriebe usw. nach Namen – siehe gelber Teil	A-DU
